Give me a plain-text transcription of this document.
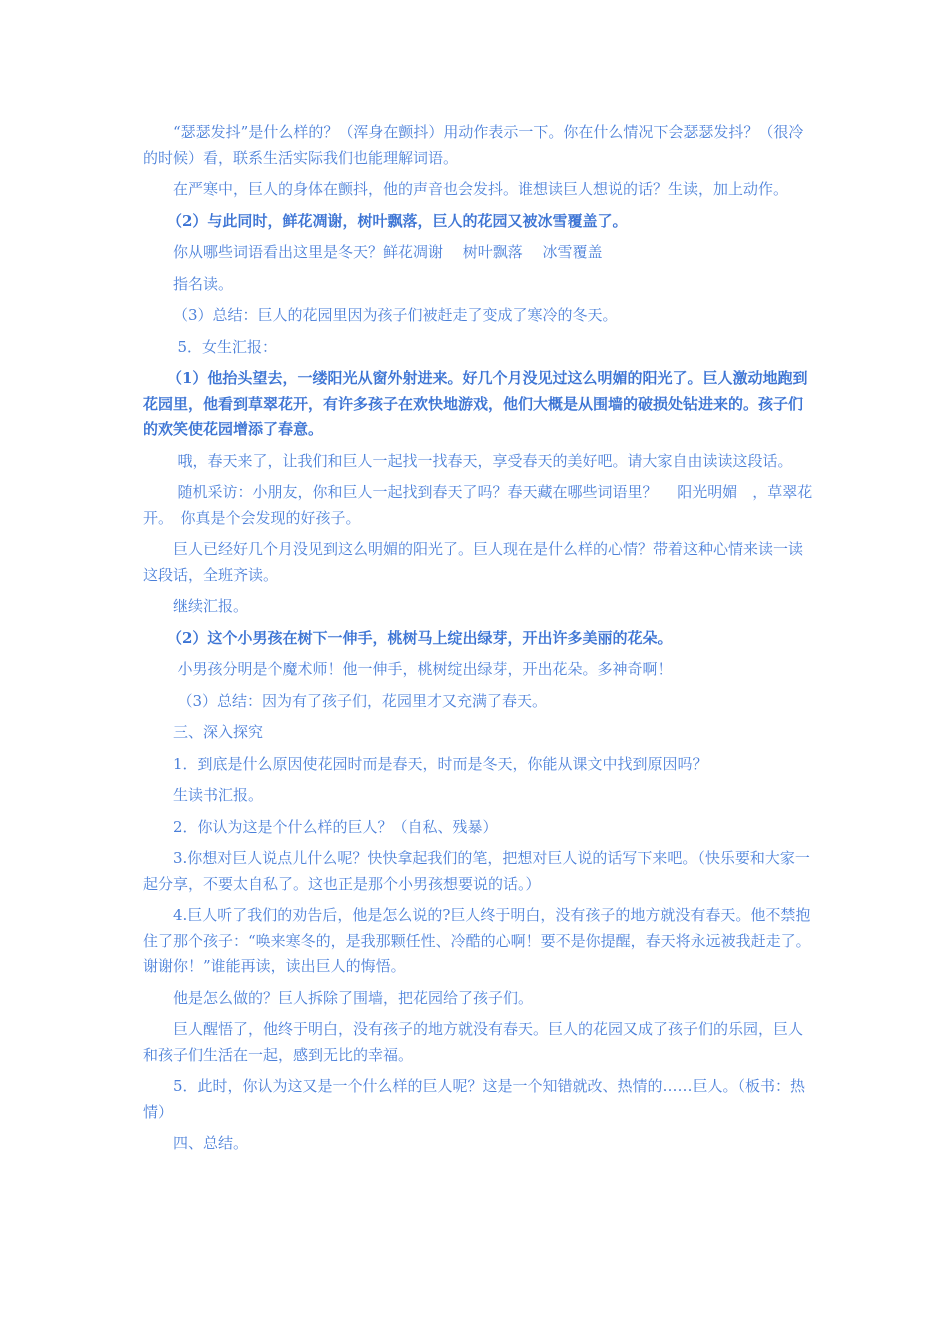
“瑟瑟发抖”是什么样的？（浑身在颤抖）用动作表示一下。你在什么情况下会瑟瑟发抖？（很冷的时候）看，联系生活实际我们也能理解词语。

在严寒中，巨人的身体在颤抖，他的声音也会发抖。谁想读巨人想说的话？生读，加上动作。

（2）与此同时，鲜花凋谢，树叶飘落，巨人的花园又被冰雪覆盖了。

你从哪些词语看出这里是冬天？鲜花凋谢　 树叶飘落　 冰雪覆盖

指名读。

（3）总结：巨人的花园里因为孩子们被赶走了变成了寒冷的冬天。

5．女生汇报：

（1）他抬头望去，一缕阳光从窗外射进来。好几个月没见过这么明媚的阳光了。巨人激动地跑到花园里，他看到草翠花开，有许多孩子在欢快地游戏，他们大概是从围墙的破损处钻进来的。孩子们的欢笑使花园增添了春意。

哦，春天来了，让我们和巨人一起找一找春天，享受春天的美好吧。请大家自由读读这段话。

随机采访：小朋友，你和巨人一起找到春天了吗？春天藏在哪些词语里？　 阳光明媚　，草翠花开。　你真是个会发现的好孩子。

巨人已经好几个月没见到这么明媚的阳光了。巨人现在是什么样的心情？带着这种心情来读一读这段话，全班齐读。

继续汇报。

（2）这个小男孩在树下一伸手，桃树马上绽出绿芽，开出许多美丽的花朵。

小男孩分明是个魔术师！他一伸手，桃树绽出绿芽，开出花朵。多神奇啊！

（3）总结：因为有了孩子们，花园里才又充满了春天。

三、深入探究

1．到底是什么原因使花园时而是春天，时而是冬天，你能从课文中找到原因吗？

生读书汇报。

2．你认为这是个什么样的巨人？（自私、残暴）

3.你想对巨人说点儿什么呢？快快拿起我们的笔，把想对巨人说的话写下来吧。（快乐要和大家一起分享，不要太自私了。这也正是那个小男孩想要说的话。）

4.巨人听了我们的劝告后，他是怎么说的?巨人终于明白，没有孩子的地方就没有春天。他不禁抱住了那个孩子：“唤来寒冬的，是我那颗任性、冷酷的心啊！要不是你提醒，春天将永远被我赶走了。谢谢你！”谁能再读，读出巨人的悔悟。

他是怎么做的？巨人拆除了围墙，把花园给了孩子们。

巨人醒悟了，他终于明白，没有孩子的地方就没有春天。巨人的花园又成了孩子们的乐园，巨人和孩子们生活在一起，感到无比的幸福。

5．此时，你认为这又是一个什么样的巨人呢？这是一个知错就改、热情的……巨人。（板书：热情）

四、总结。
